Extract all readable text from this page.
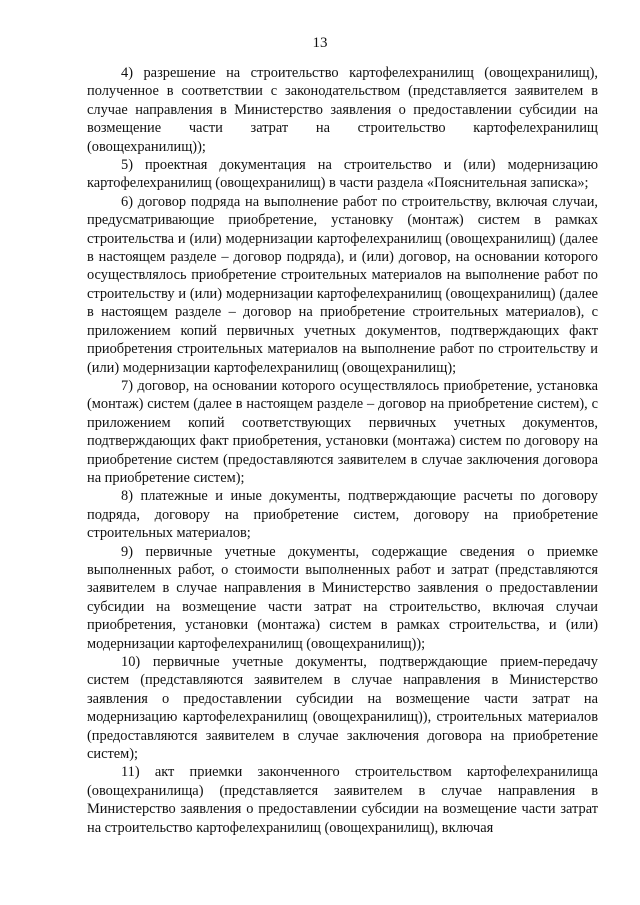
13

4) разрешение на строительство картофелехранилищ (овощехранилищ), полученное в соответствии с законодательством (представляется заявителем в случае направления в Министерство заявления о предоставлении субсидии на возмещение части затрат на строительство картофелехранилищ (овощехранилищ));

5) проектная документация на строительство и (или) модернизацию картофелехранилищ (овощехранилищ) в части раздела «Пояснительная записка»;

6) договор подряда на выполнение работ по строительству, включая случаи, предусматривающие приобретение, установку (монтаж) систем в рамках строительства и (или) модернизации картофелехранилищ (овощехранилищ) (далее в настоящем разделе – договор подряда), и (или) договор, на основании которого осуществлялось приобретение строительных материалов на выполнение работ по строительству и (или) модернизации картофелехранилищ (овощехранилищ) (далее в настоящем разделе – договор на приобретение строительных материалов), с приложением копий первичных учетных документов, подтверждающих факт приобретения строительных материалов на выполнение работ по строительству и (или) модернизации картофелехранилищ (овощехранилищ);

7) договор, на основании которого осуществлялось приобретение, установка (монтаж) систем (далее в настоящем разделе – договор на приобретение систем), с приложением копий соответствующих первичных учетных документов, подтверждающих факт приобретения, установки (монтажа) систем по договору на приобретение систем (предоставляются заявителем в случае заключения договора на приобретение систем);

8) платежные и иные документы, подтверждающие расчеты по договору подряда, договору на приобретение систем, договору на приобретение строительных материалов;

9) первичные учетные документы, содержащие сведения о приемке выполненных работ, о стоимости выполненных работ и затрат (представляются заявителем в случае направления в Министерство заявления о предоставлении субсидии на возмещение части затрат на строительство, включая случаи приобретения, установки (монтажа) систем в рамках строительства, и (или) модернизации картофелехранилищ (овощехранилищ));

10) первичные учетные документы, подтверждающие прием-передачу систем (представляются заявителем в случае направления в Министерство заявления о предоставлении субсидии на возмещение части затрат на модернизацию картофелехранилищ (овощехранилищ)), строительных материалов (предоставляются заявителем в случае заключения договора на приобретение систем);

11) акт приемки законченного строительством картофелехранилища (овощехранилища) (представляется заявителем в случае направления в Министерство заявления о предоставлении субсидии на возмещение части затрат на строительство картофелехранилищ (овощехранилищ), включая
